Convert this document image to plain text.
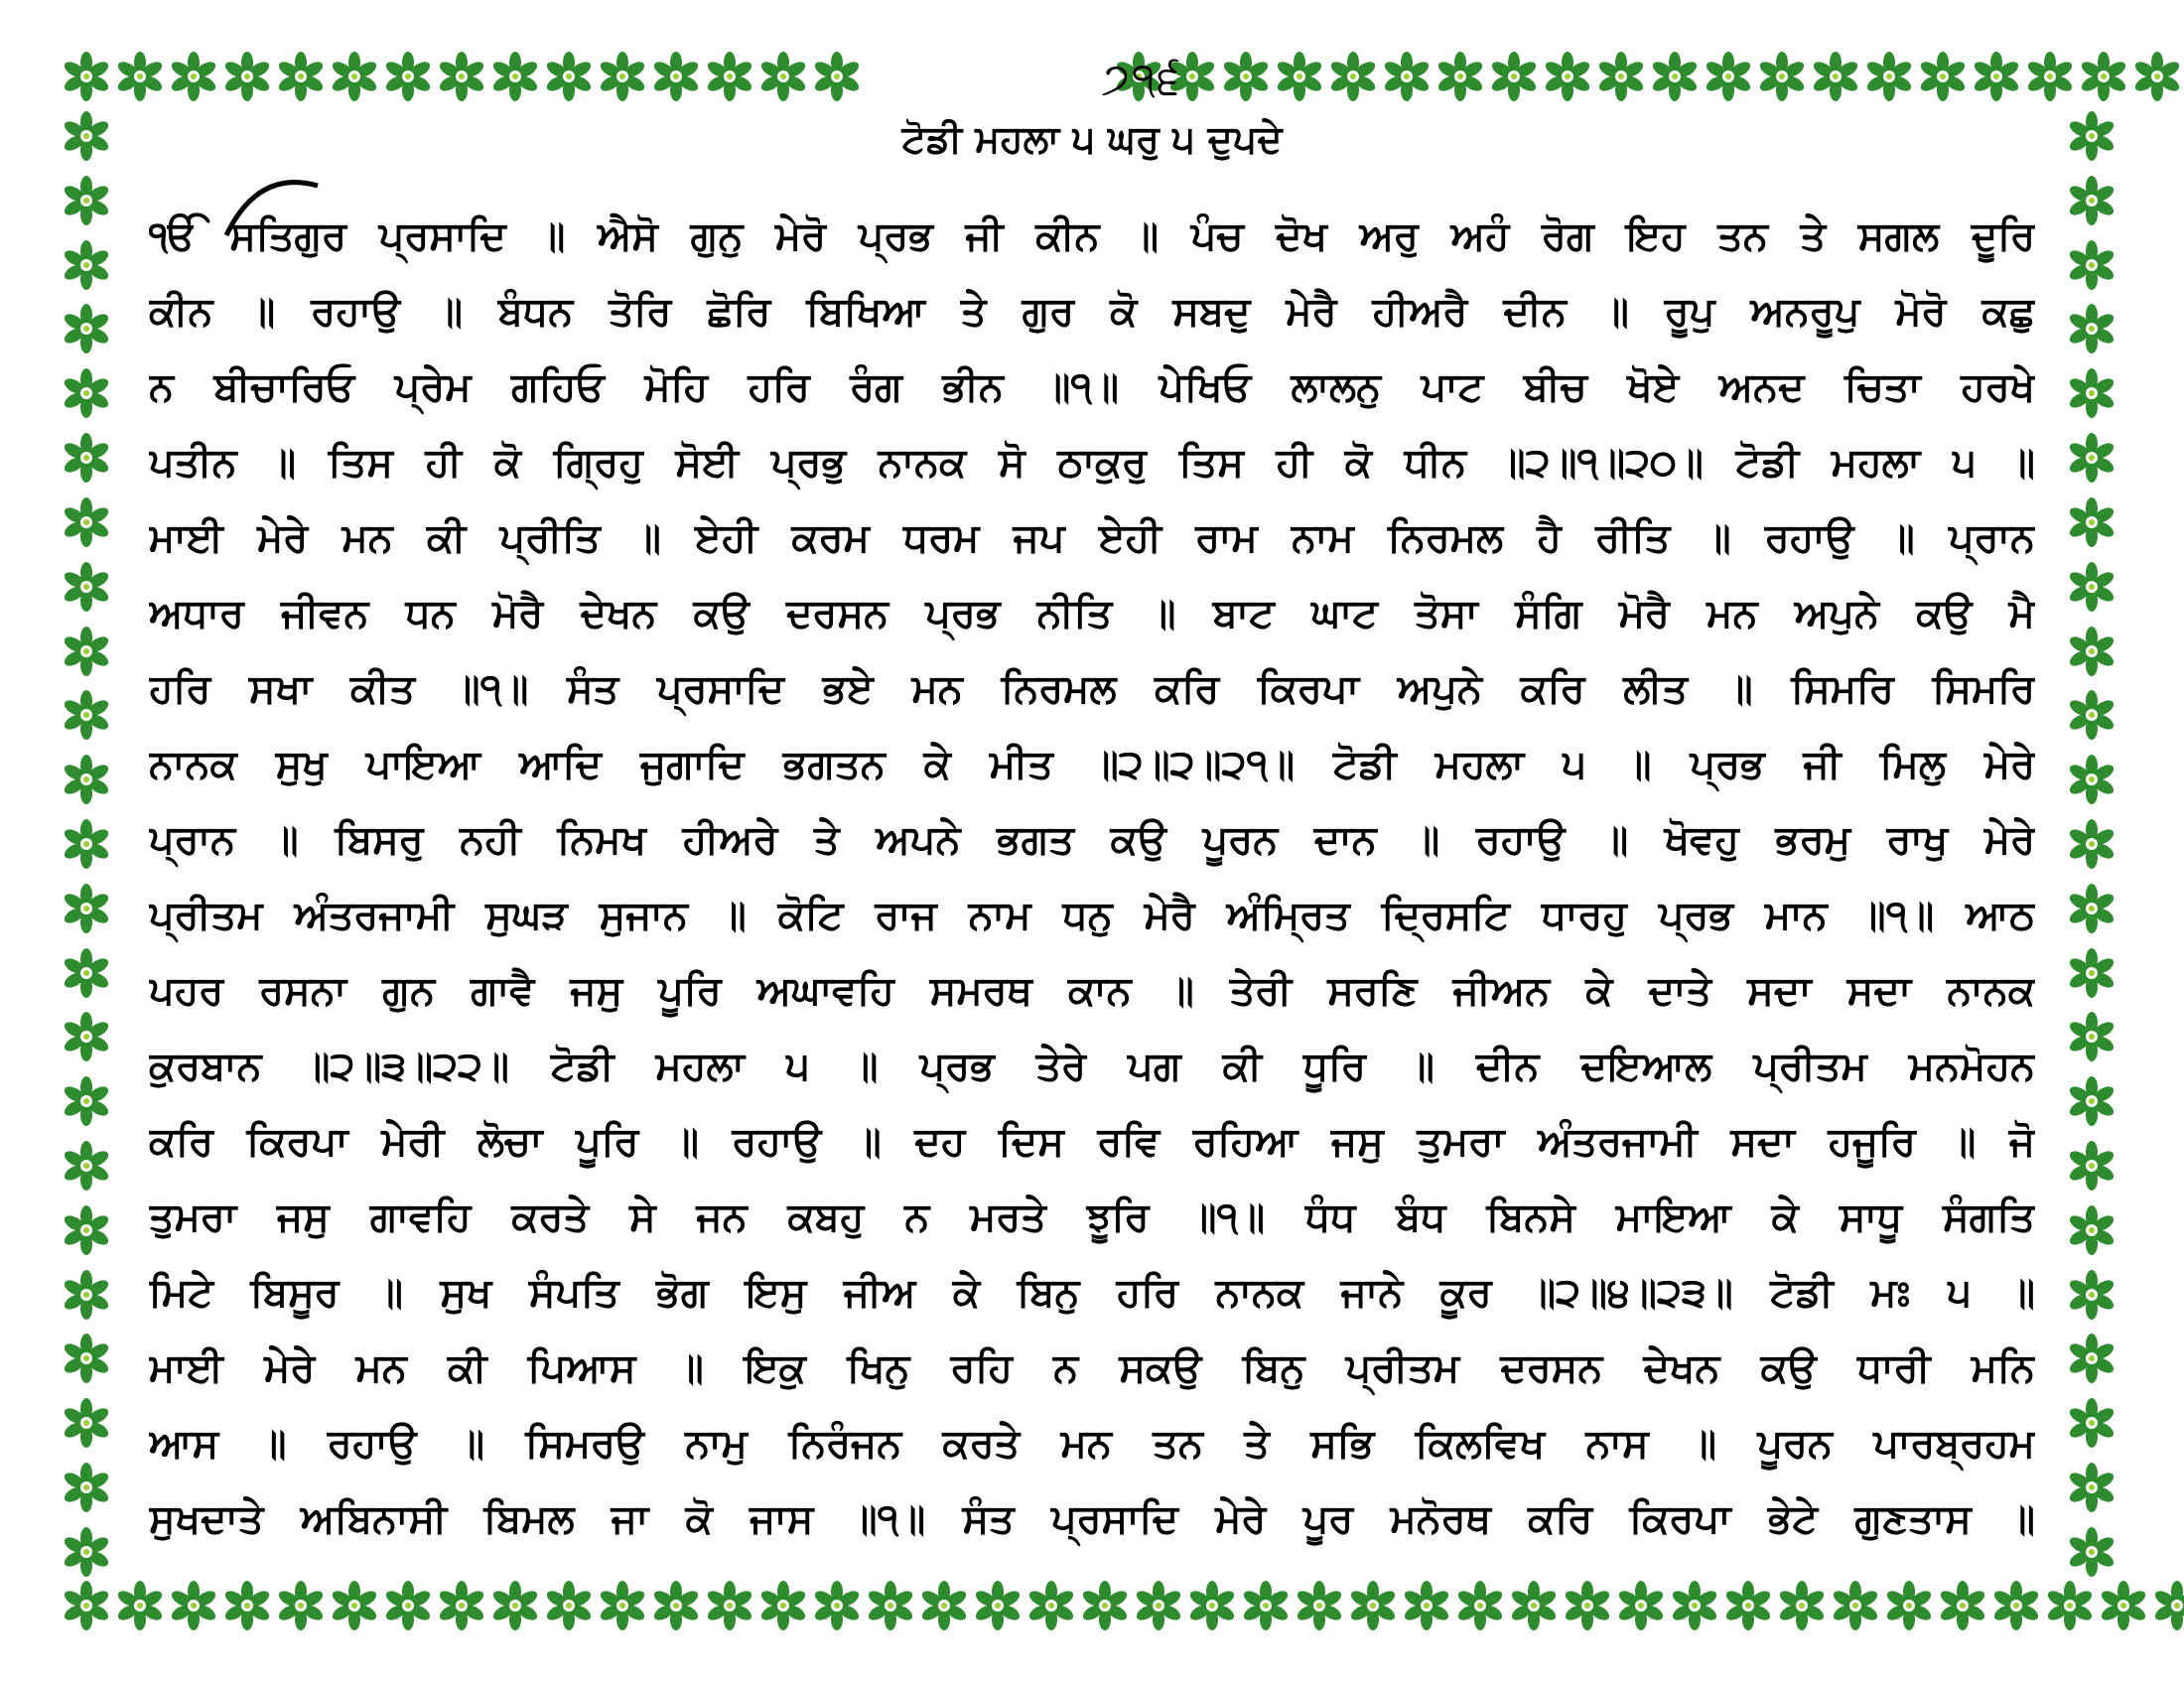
੭੧੬
ਟੋਡੀ ਮਹਲਾ ੫ ਘਰੁ ੫ ਦੁਪਦੇ
ੴ ਸਤਿਗੁਰ ਪ੍ਰਸਾਦਿ ॥ ਐਸੋ ਗੁਨੁ ਮੇਰੋ ਪ੍ਰਭ ਜੀ ਕੀਨ ॥ ਪੰਚ ਦੋਖ ਅਰੁ ਅਹੰ ਰੋਗ ਇਹ ਤਨ ਤੇ ਸਗਲ ਦੂਰਿ
ਕੀਨ ॥ ਰਹਾਉ ॥ ਬੰਧਨ ਤੋਰਿ ਛੋਰਿ ਬਿਖਿਆ ਤੇ ਗੁਰ ਕੋ ਸਬਦੁ ਮੇਰੈ ਹੀਅਰੈ ਦੀਨ ॥ ਰੂਪੁ ਅਨਰੂਪੁ ਮੋਰੋ ਕਛੁ
ਨ ਬੀਚਾਰਿਓ ਪ੍ਰੇਮ ਗਹਿਓ ਮੋਹਿ ਹਰਿ ਰੰਗ ਭੀਨ ॥੧॥ ਪੇਖਿਓ ਲਾਲਨੁ ਪਾਟ ਬੀਚ ਖੋਏ ਅਨਦ ਚਿਤਾ ਹਰਖੇ
ਪਤੀਨ ॥ ਤਿਸ ਹੀ ਕੋ ਗ੍ਰਿਹੁ ਸੋਈ ਪ੍ਰਭੁ ਨਾਨਕ ਸੋ ਠਾਕੁਰੁ ਤਿਸ ਹੀ ਕੋ ਧੀਨ ॥੨॥੧॥੨੦॥ ਟੋਡੀ ਮਹਲਾ ੫ ॥
ਮਾਈ ਮੇਰੇ ਮਨ ਕੀ ਪ੍ਰੀਤਿ ॥ ਏਹੀ ਕਰਮ ਧਰਮ ਜਪ ਏਹੀ ਰਾਮ ਨਾਮ ਨਿਰਮਲ ਹੈ ਰੀਤਿ ॥ ਰਹਾਉ ॥ ਪ੍ਰਾਨ
ਅਧਾਰ ਜੀਵਨ ਧਨ ਮੋਰੈ ਦੇਖਨ ਕਉ ਦਰਸਨ ਪ੍ਰਭ ਨੀਤਿ ॥ ਬਾਟ ਘਾਟ ਤੋਸਾ ਸੰਗਿ ਮੋਰੈ ਮਨ ਅਪੁਨੇ ਕਉ ਮੈ
ਹਰਿ ਸਖਾ ਕੀਤ ॥੧॥ ਸੰਤ ਪ੍ਰਸਾਦਿ ਭਏ ਮਨ ਨਿਰਮਲ ਕਰਿ ਕਿਰਪਾ ਅਪੁਨੇ ਕਰਿ ਲੀਤ ॥ ਸਿਮਰਿ ਸਿਮਰਿ
ਨਾਨਕ ਸੁਖੁ ਪਾਇਆ ਆਦਿ ਜੁਗਾਦਿ ਭਗਤਨ ਕੇ ਮੀਤ ॥੨॥੨॥੨੧॥ ਟੋਡੀ ਮਹਲਾ ੫ ॥ ਪ੍ਰਭ ਜੀ ਮਿਲੁ ਮੇਰੇ
ਪ੍ਰਾਨ ॥ ਬਿਸਰੁ ਨਹੀ ਨਿਮਖ ਹੀਅਰੇ ਤੇ ਅਪਨੇ ਭਗਤ ਕਉ ਪੂਰਨ ਦਾਨ ॥ ਰਹਾਉ ॥ ਖੋਵਹੁ ਭਰਮੁ ਰਾਖੁ ਮੇਰੇ
ਪ੍ਰੀਤਮ ਅੰਤਰਜਾਮੀ ਸੁਘੜ ਸੁਜਾਨ ॥ ਕੋਟਿ ਰਾਜ ਨਾਮ ਧਨੁ ਮੇਰੈ ਅੰਮ੍ਰਿਤ ਦ੍ਰਿਸਟਿ ਧਾਰਹੁ ਪ੍ਰਭ ਮਾਨ ॥੧॥ ਆਠ
ਪਹਰ ਰਸਨਾ ਗੁਨ ਗਾਵੈ ਜਸੁ ਪੂਰਿ ਅਘਾਵਹਿ ਸਮਰਥ ਕਾਨ ॥ ਤੇਰੀ ਸਰਣਿ ਜੀਅਨ ਕੇ ਦਾਤੇ ਸਦਾ ਸਦਾ ਨਾਨਕ
ਕੁਰਬਾਨ ॥੨॥੩॥੨੨॥ ਟੋਡੀ ਮਹਲਾ ੫ ॥ ਪ੍ਰਭ ਤੇਰੇ ਪਗ ਕੀ ਧੂਰਿ ॥ ਦੀਨ ਦਇਆਲ ਪ੍ਰੀਤਮ ਮਨਮੋਹਨ
ਕਰਿ ਕਿਰਪਾ ਮੇਰੀ ਲੋਚਾ ਪੂਰਿ ॥ ਰਹਾਉ ॥ ਦਹ ਦਿਸ ਰਵਿ ਰਹਿਆ ਜਸੁ ਤੁਮਰਾ ਅੰਤਰਜਾਮੀ ਸਦਾ ਹਜੂਰਿ ॥ ਜੋ
ਤੁਮਰਾ ਜਸੁ ਗਾਵਹਿ ਕਰਤੇ ਸੇ ਜਨ ਕਬਹੁ ਨ ਮਰਤੇ ਝੂਰਿ ॥੧॥ ਧੰਧ ਬੰਧ ਬਿਨਸੇ ਮਾਇਆ ਕੇ ਸਾਧੂ ਸੰਗਤਿ
ਮਿਟੇ ਬਿਸੂਰ ॥ ਸੁਖ ਸੰਪਤਿ ਭੋਗ ਇਸੁ ਜੀਅ ਕੇ ਬਿਨੁ ਹਰਿ ਨਾਨਕ ਜਾਨੇ ਕੂਰ ॥੨॥੪॥੨੩॥ ਟੋਡੀ ਮਃ ੫ ॥
ਮਾਈ ਮੇਰੇ ਮਨ ਕੀ ਪਿਆਸ ॥ ਇਕੁ ਖਿਨੁ ਰਹਿ ਨ ਸਕਉ ਬਿਨੁ ਪ੍ਰੀਤਮ ਦਰਸਨ ਦੇਖਨ ਕਉ ਧਾਰੀ ਮਨਿ
ਆਸ ॥ ਰਹਾਉ ॥ ਸਿਮਰਉ ਨਾਮੁ ਨਿਰੰਜਨ ਕਰਤੇ ਮਨ ਤਨ ਤੇ ਸਭਿ ਕਿਲਵਿਖ ਨਾਸ ॥ ਪੂਰਨ ਪਾਰਬ੍ਰਹਮ
ਸੁਖਦਾਤੇ ਅਬਿਨਾਸੀ ਬਿਮਲ ਜਾ ਕੋ ਜਾਸ ॥੧॥ ਸੰਤ ਪ੍ਰਸਾਦਿ ਮੇਰੇ ਪੂਰ ਮਨੋਰਥ ਕਰਿ ਕਿਰਪਾ ਭੇਟੇ ਗੁਣਤਾਸ ॥
